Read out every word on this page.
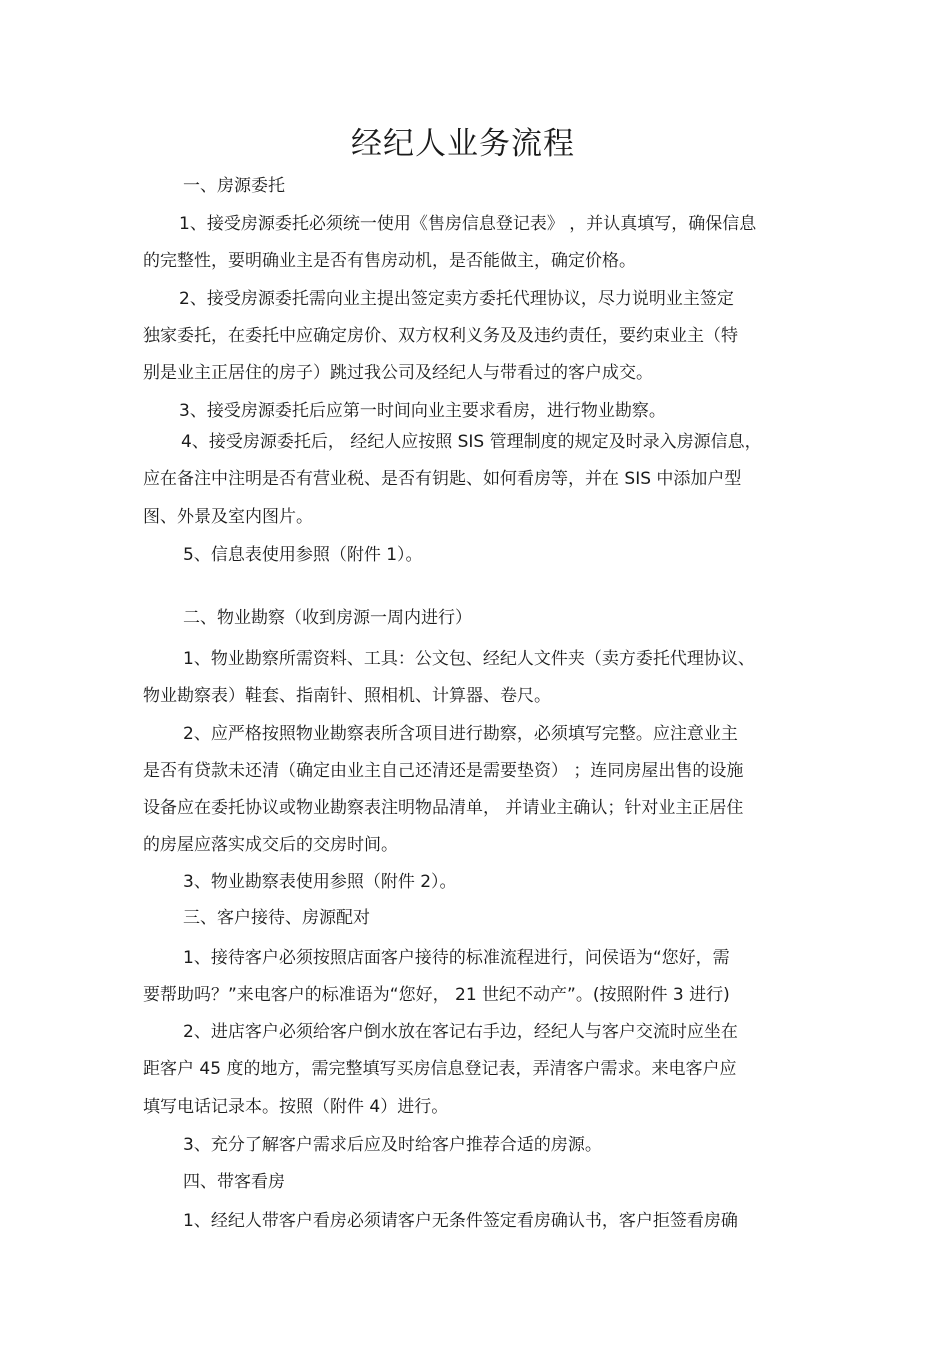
经纪人业务流程

一、房源委托

1、接受房源委托必须统一使用《售房信息登记表》 ，并认真填写，确保信息

的完整性，要明确业主是否有售房动机，是否能做主，确定价格。

2、接受房源委托需向业主提出签定卖方委托代理协议，尽力说明业主签定

独家委托，在委托中应确定房价、双方权利义务及及违约责任，要约束业主（特

别是业主正居住的房子）跳过我公司及经纪人与带看过的客户成交。

3、接受房源委托后应第一时间向业主要求看房，进行物业勘察。

4、接受房源委托后， 经纪人应按照 SIS 管理制度的规定及时录入房源信息，

应在备注中注明是否有营业税、是否有钥匙、如何看房等，并在 SIS 中添加户型

图、外景及室内图片。

5、信息表使用参照（附件 1）。

二、物业勘察（收到房源一周内进行）

1、物业勘察所需资料、工具：公文包、经纪人文件夹（卖方委托代理协议、

物业勘察表）鞋套、指南针、照相机、计算器、卷尺。

2、应严格按照物业勘察表所含项目进行勘察，必须填写完整。应注意业主

是否有贷款未还清（确定由业主自己还清还是需要垫资） ；连同房屋出售的设施

设备应在委托协议或物业勘察表注明物品清单， 并请业主确认；针对业主正居住

的房屋应落实成交后的交房时间。

3、物业勘察表使用参照（附件 2）。

三、客户接待、房源配对

1、接待客户必须按照店面客户接待的标准流程进行，问侯语为“您好，需

要帮助吗？”来电客户的标准语为“您好， 21 世纪不动产”。(按照附件 3 进行)

2、进店客户必须给客户倒水放在客记右手边，经纪人与客户交流时应坐在

距客户 45 度的地方，需完整填写买房信息登记表，弄清客户需求。来电客户应

填写电话记录本。按照（附件 4）进行。

3、充分了解客户需求后应及时给客户推荐合适的房源。

四、带客看房

1、经纪人带客户看房必须请客户无条件签定看房确认书，客户拒签看房确
